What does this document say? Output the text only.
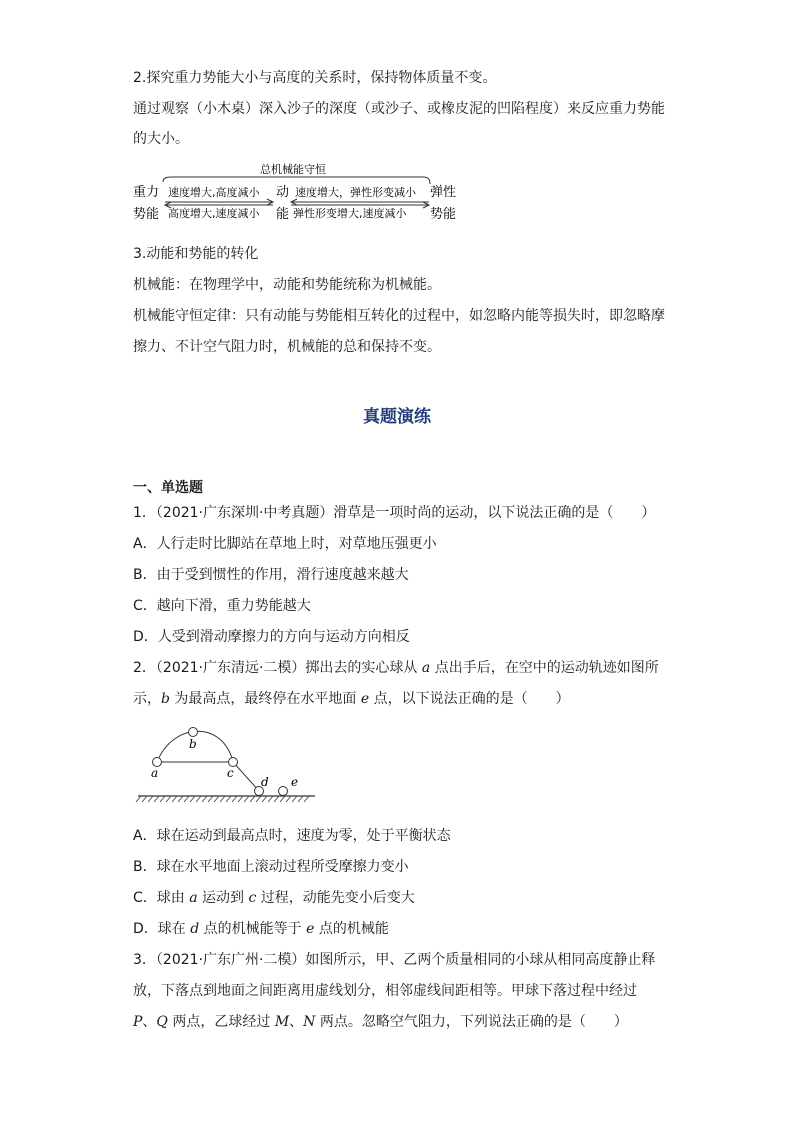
2.探究重力势能大小与高度的关系时，保持物体质量不变。
通过观察（小木桌）深入沙子的深度（或沙子、或橡皮泥的凹陷程度）来反应重力势能
的大小。
总机械能守恒
重力
势能
动
能
弹性
势能
速度增大,高度减小
高度增大,速度减小
速度增大，弹性形变减小
弹性形变增大,速度减小
3.动能和势能的转化
机械能：在物理学中，动能和势能统称为机械能。
机械能守恒定律：只有动能与势能相互转化的过程中，如忽略内能等损失时，即忽略摩
擦力、不计空气阻力时，机械能的总和保持不变。
真题演练
一、单选题
1．（2021·广东深圳·中考真题）滑草是一项时尚的运动，以下说法正确的是（　　）
A．人行走时比脚站在草地上时，对草地压强更小
B．由于受到惯性的作用，滑行速度越来越大
C．越向下滑，重力势能越大
D．人受到滑动摩擦力的方向与运动方向相反
2．（2021·广东清远·二模）掷出去的实心球从 a 点出手后，在空中的运动轨迹如图所
示，b 为最高点，最终停在水平地面 e 点，以下说法正确的是（　　）
a
b
c
d e
A．球在运动到最高点时，速度为零，处于平衡状态
B．球在水平地面上滚动过程所受摩擦力变小
C．球由 a 运动到 c 过程，动能先变小后变大
D．球在 d 点的机械能等于 e 点的机械能
3．（2021·广东广州·二模）如图所示，甲、乙两个质量相同的小球从相同高度静止释
放，下落点到地面之间距离用虚线划分，相邻虚线间距相等。甲球下落过程中经过
P、Q 两点，乙球经过 M、N 两点。忽略空气阻力，下列说法正确的是（　　）
